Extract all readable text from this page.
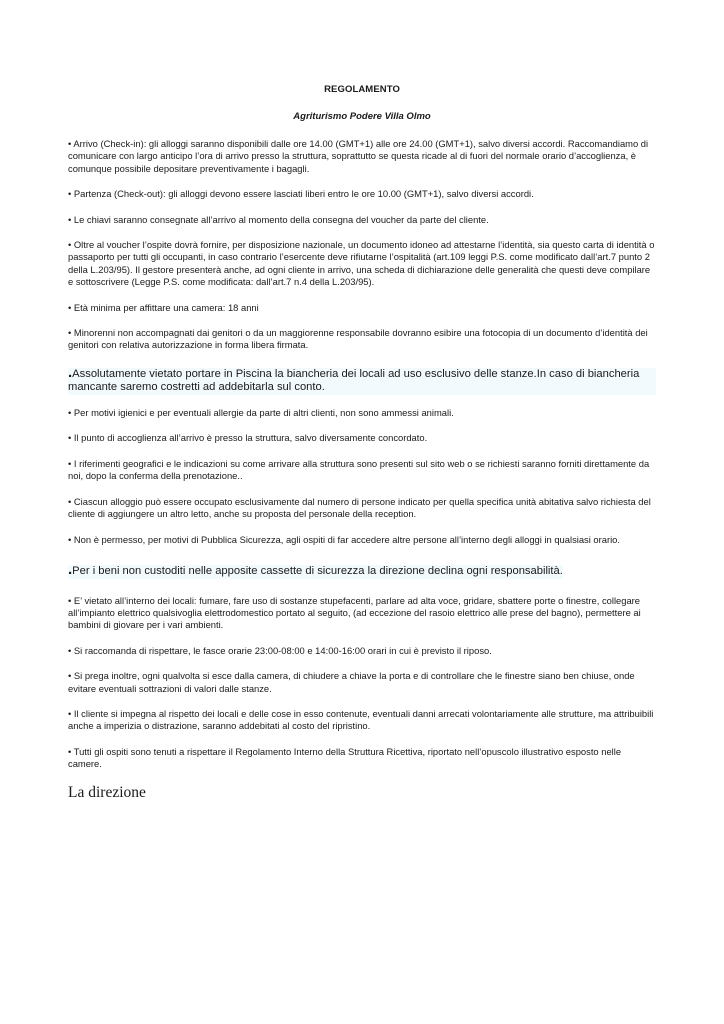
REGOLAMENTO
Agriturismo Podere Villa Olmo
• Arrivo (Check-in): gli alloggi saranno disponibili dalle ore 14.00 (GMT+1) alle ore 24.00 (GMT+1), salvo diversi accordi. Raccomandiamo di comunicare con largo anticipo l’ora di arrivo presso la struttura, soprattutto se questa ricade al di fuori del normale orario d’accoglienza, è comunque possibile depositare preventivamente i bagagli.
• Partenza (Check-out): gli alloggi devono essere lasciati liberi entro le ore 10.00 (GMT+1), salvo diversi accordi.
• Le chiavi saranno consegnate all’arrivo al momento della consegna del voucher da parte del cliente.
• Oltre al voucher l’ospite dovrà fornire, per disposizione nazionale, un documento idoneo ad attestarne l’identità, sia questo carta di identità o passaporto per tutti gli occupanti, in caso contrario l’esercente deve rifiutarne l’ospitalità (art.109 leggi P.S. come modificato dall’art.7 punto 2 della L.203/95). Il gestore presenterà anche, ad ogni cliente in arrivo, una scheda di dichiarazione delle generalità che questi deve compilare e sottoscrivere (Legge P.S. come modificata: dall’art.7 n.4 della L.203/95).
• Età minima per affittare una camera: 18 anni
• Minorenni non accompagnati dai genitori o da un maggiorenne responsabile dovranno esibire una fotocopia di un documento d’identità dei genitori con relativa autorizzazione in forma libera firmata.
.Assolutamente vietato portare in Piscina la biancheria dei locali ad uso esclusivo delle stanze.In caso di biancheria mancante saremo costretti ad addebitarla sul conto.
• Per motivi igienici e per eventuali allergie da parte di altri clienti, non sono ammessi animali.
• Il punto di accoglienza all’arrivo è presso la struttura, salvo diversamente concordato.
• I riferimenti geografici e le indicazioni su come arrivare alla struttura sono presenti sul sito web o se richiesti saranno forniti direttamente da noi, dopo la conferma della prenotazione..
• Ciascun alloggio può essere occupato esclusivamente dal numero di persone indicato per quella specifica unità abitativa salvo richiesta del cliente di aggiungere un altro letto, anche su proposta del personale della reception.
• Non è permesso, per motivi di Pubblica Sicurezza, agli ospiti di far accedere altre persone all’interno degli alloggi in qualsiasi orario.
.Per i beni non custoditi nelle apposite cassette di sicurezza la direzione declina ogni responsabilità.
• E’ vietato all’interno dei locali: fumare, fare uso di sostanze stupefacenti, parlare ad alta voce, gridare, sbattere porte o finestre, collegare all’impianto elettrico qualsivoglia elettrodomestico portato al seguito, (ad eccezione del rasoio elettrico alle prese del bagno), permettere ai bambini di giovare per i vari ambienti.
• Si raccomanda di rispettare, le fasce orarie 23:00-08:00 e 14:00-16:00 orari in cui è previsto il riposo.
• Si prega inoltre, ogni qualvolta si esce dalla camera, di chiudere a chiave la porta e di controllare che le finestre siano ben chiuse, onde evitare eventuali sottrazioni di valori dalle stanze.
• Il cliente si impegna al rispetto dei locali e delle cose in esso contenute, eventuali danni arrecati volontariamente alle strutture, ma attribuibili anche a imperizia o distrazione, saranno addebitati al costo del ripristino.
• Tutti gli ospiti sono tenuti a rispettare il Regolamento Interno della Struttura Ricettiva, riportato nell’opuscolo illustrativo esposto nelle camere.
La direzione
